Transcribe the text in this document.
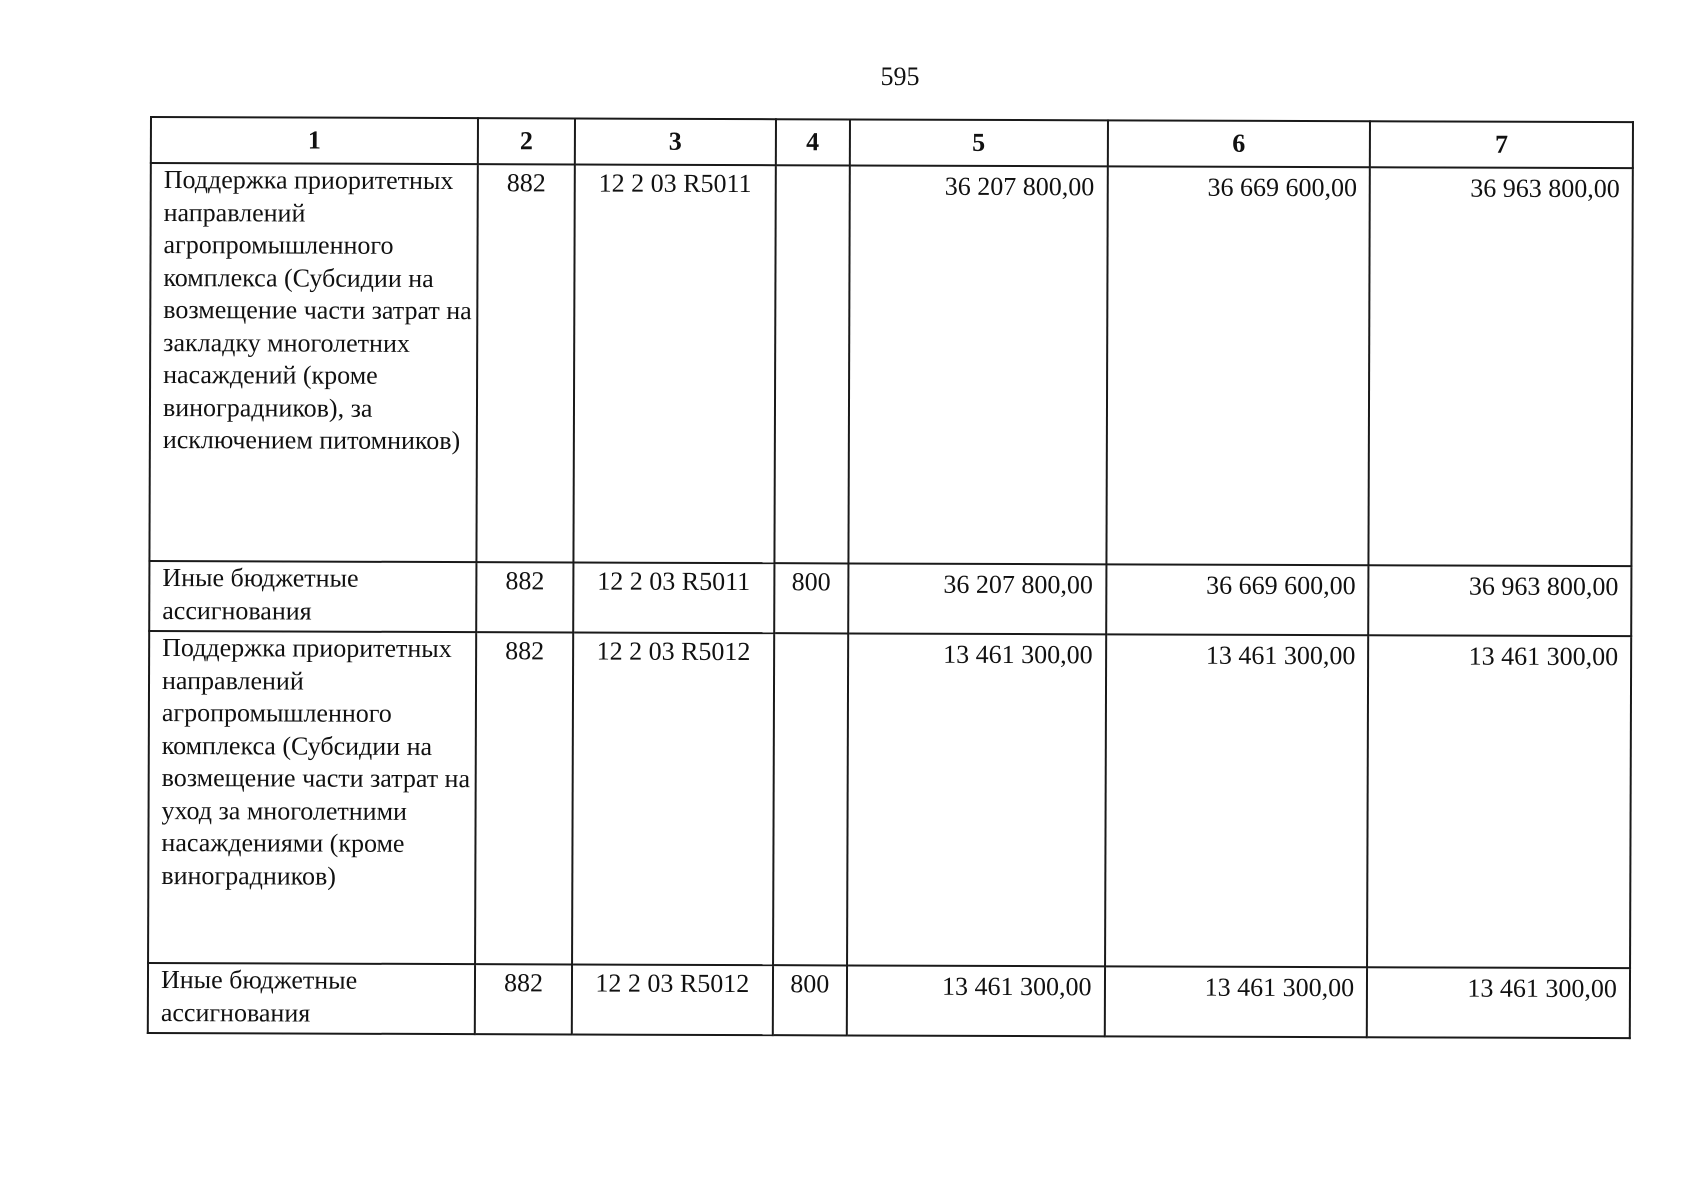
595
1	2	3	4	5	6	7
Поддержка приоритетных направлений агропромышленного комплекса (Субсидии на возмещение части затрат на закладку многолетних насаждений (кроме виноградников), за исключением питомников)	882	12 2 03 R5011		36 207 800,00	36 669 600,00	36 963 800,00
Иные бюджетные ассигнования	882	12 2 03 R5011	800	36 207 800,00	36 669 600,00	36 963 800,00
Поддержка приоритетных направлений агропромышленного комплекса (Субсидии на возмещение части затрат на уход за многолетними насаждениями (кроме виноградников)	882	12 2 03 R5012		13 461 300,00	13 461 300,00	13 461 300,00
Иные бюджетные ассигнования	882	12 2 03 R5012	800	13 461 300,00	13 461 300,00	13 461 300,00
